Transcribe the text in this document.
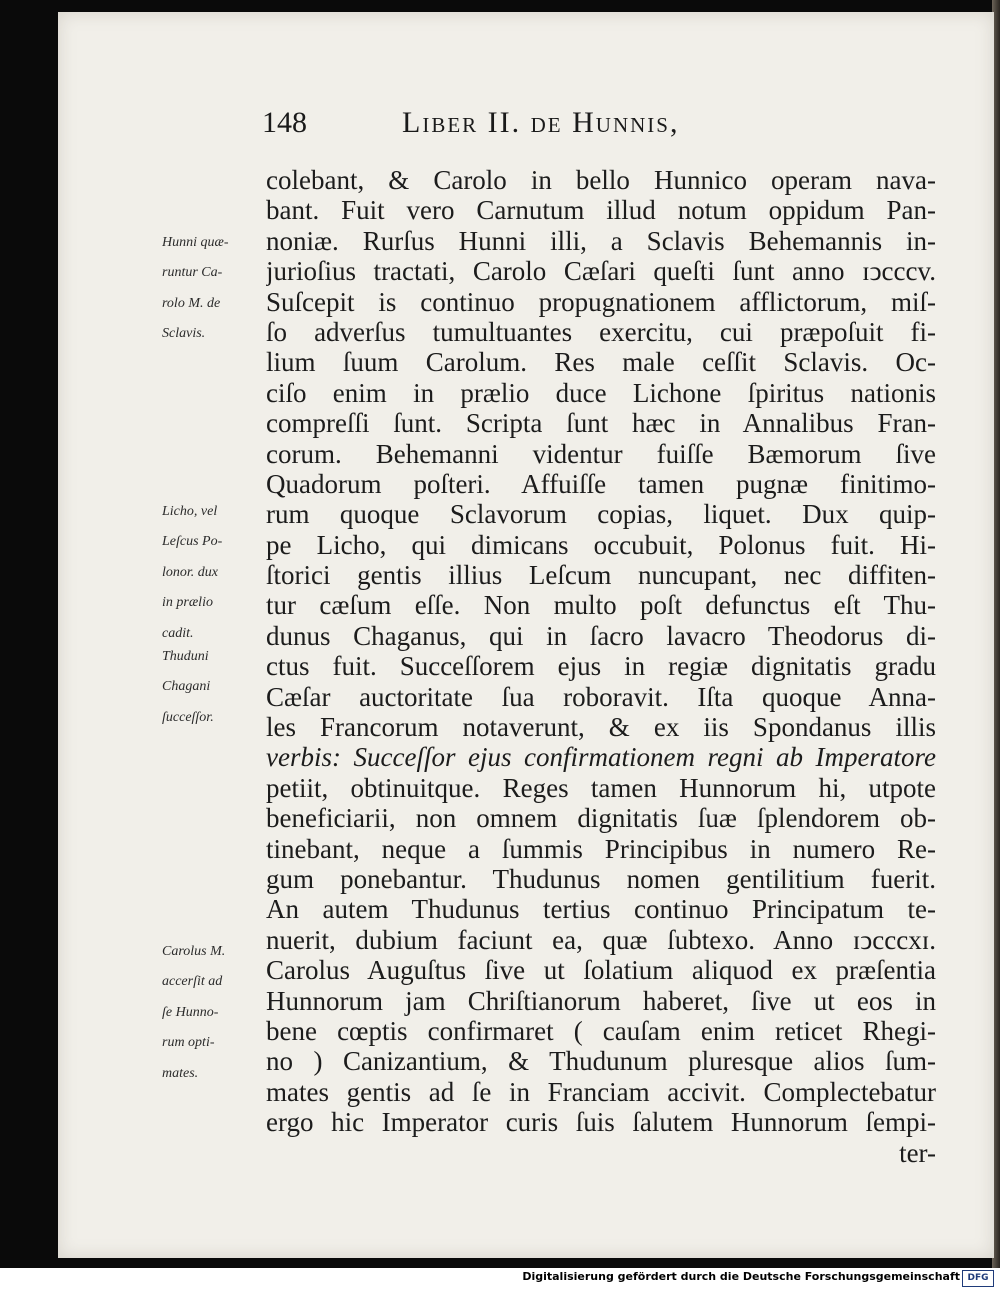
148	Liber II. de Hunnis,
colebant, & Carolo in bello Hunnico operam nava-
bant. Fuit vero Carnutum illud notum oppidum Pan-
noniæ. Rurſus Hunni illi, a Sclavis Behemannis in-
jurioſius tractati, Carolo Cæſari queſti ſunt anno ɪↄcccv.
Suſcepit is continuo propugnationem afflictorum, miſ-
ſo adverſus tumultuantes exercitu, cui præpoſuit fi-
lium ſuum Carolum. Res male ceſſit Sclavis. Oc-
ciſo enim in prælio duce Lichone ſpiritus nationis
compreſſi ſunt. Scripta ſunt hæc in Annalibus Fran-
corum. Behemanni videntur fuiſſe Bæmorum ſive
Quadorum poſteri. Affuiſſe tamen pugnæ finitimo-
rum quoque Sclavorum copias, liquet. Dux quip-
pe Licho, qui dimicans occubuit, Polonus fuit. Hi-
ſtorici gentis illius Leſcum nuncupant, nec diffiten-
tur cæſum eſſe. Non multo poſt defunctus eſt Thu-
dunus Chaganus, qui in ſacro lavacro Theodorus di-
ctus fuit. Succeſſorem ejus in regiæ dignitatis gradu
Cæſar auctoritate ſua roboravit. Iſta quoque Anna-
les Francorum notaverunt, & ex iis Spondanus illis
verbis: Succeſſor ejus confirmationem regni ab Imperatore
petiit, obtinuitque. Reges tamen Hunnorum hi, utpote
beneficiarii, non omnem dignitatis ſuæ ſplendorem ob-
tinebant, neque a ſummis Principibus in numero Re-
gum ponebantur. Thudunus nomen gentilitium fuerit.
An autem Thudunus tertius continuo Principatum te-
nuerit, dubium faciunt ea, quæ ſubtexo. Anno ɪↄcccxɪ.
Carolus Auguſtus ſive ut ſolatium aliquod ex præſentia
Hunnorum jam Chriſtianorum haberet, ſive ut eos in
bene cœptis confirmaret ( cauſam enim reticet Rhegi-
no ) Canizantium, & Thudunum pluresque alios ſum-
mates gentis ad ſe in Franciam accivit. Complectebatur
ergo hic Imperator curis ſuis ſalutem Hunnorum ſempi-
ter-
Hunni quæ-
runtur Ca-
rolo M. de
Sclavis.
Licho, vel
Leſcus Po-
lonor. dux
in prælio
cadit.
Thuduni
Chagani
ſucceſſor.
Carolus M.
accerſit ad
ſe Hunno-
rum opti-
mates.
Digitalisierung gefördert durch die Deutsche Forschungsgemeinschaft DFG
